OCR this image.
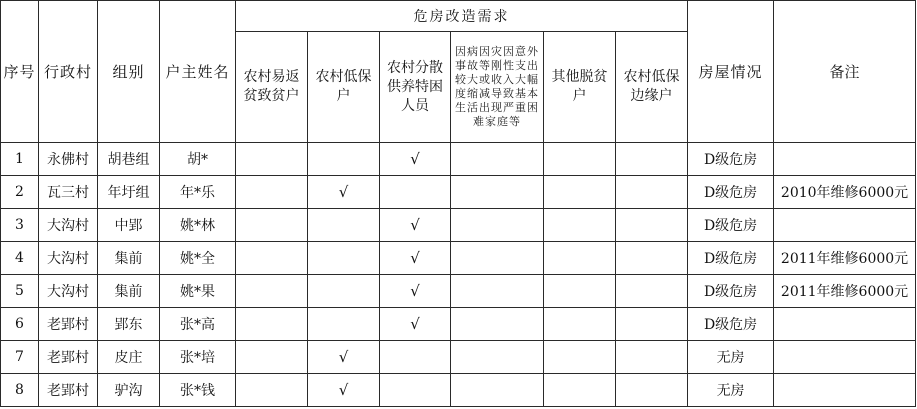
序号	行政村	组别	户主姓名	危房改造需求						房屋情况	备注
				农村易返贫致贫户	农村低保户	农村分散供养特困人员	因病因灾因意外事故等刚性支出较大或收入大幅度缩减导致基本生活出现严重困难家庭等	其他脱贫户	农村低保边缘户		
1	永佛村	胡巷组	胡*			√				D级危房	
2	瓦三村	年圩组	年*乐		√					D级危房	2010年维修6000元
3	大沟村	中郢	姚*林			√				D级危房	
4	大沟村	集前	姚*全			√				D级危房	2011年维修6000元
5	大沟村	集前	姚*果			√				D级危房	2011年维修6000元
6	老郢村	郢东	张*高			√				D级危房	
7	老郢村	皮庄	张*培		√					无房	
8	老郢村	驴沟	张*钱		√					无房	
